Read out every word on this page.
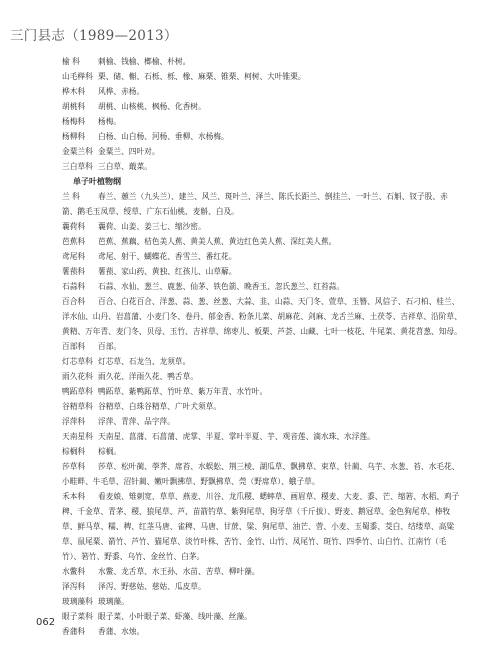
三门县志（1989—2013）
榆 科 刺榆、钱榆、榔榆、朴树。
山毛榉科 栗、储、槲、石栎、栎、橡、麻栗、锥栗、柯树、大叶锥栗。
桦木科 风桦、赤杨。
胡桃科 胡桃、山核桃、枫杨、化香树。
杨梅科 杨梅。
杨柳科 白杨、山白杨、河杨、垂柳、水杨梅。
金粟兰科 金粟兰、四叶对。
三白草科 三白草、蕺菜。
单子叶植物纲
兰 科 春兰、蕙兰（九头兰）、建兰、风兰、斑叶兰、泽兰、陈氏长距兰、倒挂兰、一叶兰、石斛、钗子股、赤箭、鹅毛玉凤草、绶草、广东石仙桃、麦斛、白及。
蘘荷科 蘘荷、山姜、姜三七、缩沙密。
芭蕉科 芭蕉、蕉藕、桔色美人蕉、黄美人蕉、黄边红色美人蕉、深红美人蕉。
鸢尾科 鸢尾、射干、蝴蝶花、香雪兰、番红花。
薯蓣科 薯蓣、家山药、黄独、红孩儿、山草薢。
石蒜科 石蒜、水仙、葱兰、鹿葱、仙茅、铁色箭、晚香玉、忽氏葱兰、红苔蒜。
百合科 百合、白花百合、洋葱、蒜、葱、丝葱、大蒜、韭、山蒜、天门冬、萱草、玉簪、风信子、石刁柏、桂兰、洋水仙、山丹、岩菖蒲、小麦门冬、卷丹、郁金香、粉条儿菜、胡麻花、剑麻、龙舌兰麻、土茯苓、吉祥草、沿阶草、黄精、万年青、麦门冬、贝母、玉竹、吉祥草、绵枣儿、板栗、芦荟、山藏、七叶一枝花、牛尾菜、黄花苕葱、知母。
百部科 百部。
灯芯草科 灯芯草、石龙刍、龙须草。
雨久花科 雨久花、洋雨久花、鸭舌草。
鸭跖草科 鸭跖草、紫鸭跖草、竹叶草、紫万年青、水竹叶。
谷精草科 谷精草、白珠谷精草、广叶犬须草。
浮萍科 浮萍、青萍、品字萍。
天南星科 天南星、菖蒲、石菖蒲、虎掌、半夏、掌叶半夏、芋、观音莲、滴水珠、水浮莲。
棕榈科 棕榈。
莎草科 莎草、松叶蔺、荸荠、席苔、水蜈蚣、荆三棱、湖瓜草、飘拂草、束草、针蔺、乌芋、水葱、苔、水毛花、小畦畔、牛毛草、沼针蔺、嫩叶飘拂草、野飘拂草、莞（野席草）、蛾子草。
禾本科 看麦娘、雉刺宽、草草、燕麦、川谷、龙爪稷、蟋蟀草、画眉草、稷麦、大麦、黍、芒、缩箬、水稻、鸡子稗、千金草、青茅、稷、狼尾草、芦、苗箭钓草、紫狗尾草、狗牙草（千斤拔）、野麦、鹅冠草、金色狗尾草、棒牧草、鲜马草、糯、稗、红茎马唐、雀稗、马唐、甘蔗、粱、狗尾草、油芒、菅、小麦、玉蜀黍、茭白、结缕草、高粱草、鼠尾粟、箭竹、芦竹、猫尾草、淡竹叶株、苦竹、金竹、山竹、凤尾竹、斑竹、四季竹、山白竹、江南竹（毛竹）、箬竹、野黍、乌竹、金丝竹、白茅。
水鳖科 水鳖、龙舌草、水王孙、水苗、苦草、柳叶藻。
泽泻科 泽泻、野慈姑、慈姑、瓜皮草。
玻璃藻科 玻璃藻。
眼子菜科 眼子菜、小叶眼子菜、虾藻、线叶藻、丝藻。
香蒲科 香蒲、水烛。
062
